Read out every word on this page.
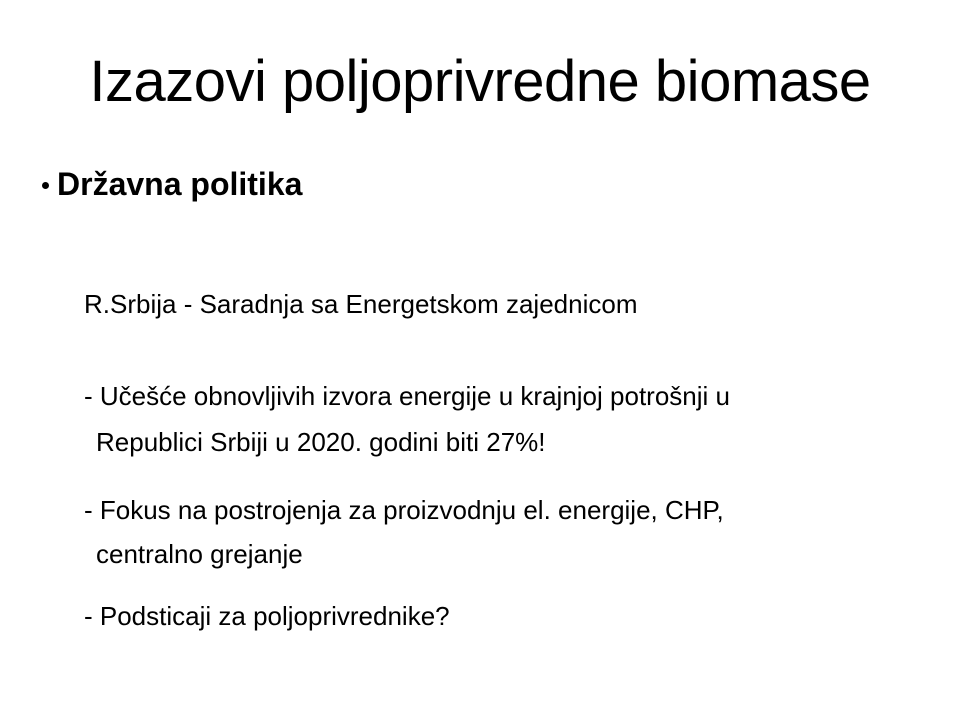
Izazovi poljoprivredne biomase
Državna politika
R.Srbija - Saradnja sa Energetskom zajednicom
- Učešće obnovljivih izvora energije u krajnjoj potrošnji u
Republici Srbiji u 2020. godini biti 27%!
- Fokus na postrojenja za proizvodnju el. energije, CHP,
centralno grejanje
- Podsticaji za poljoprivrednike?
